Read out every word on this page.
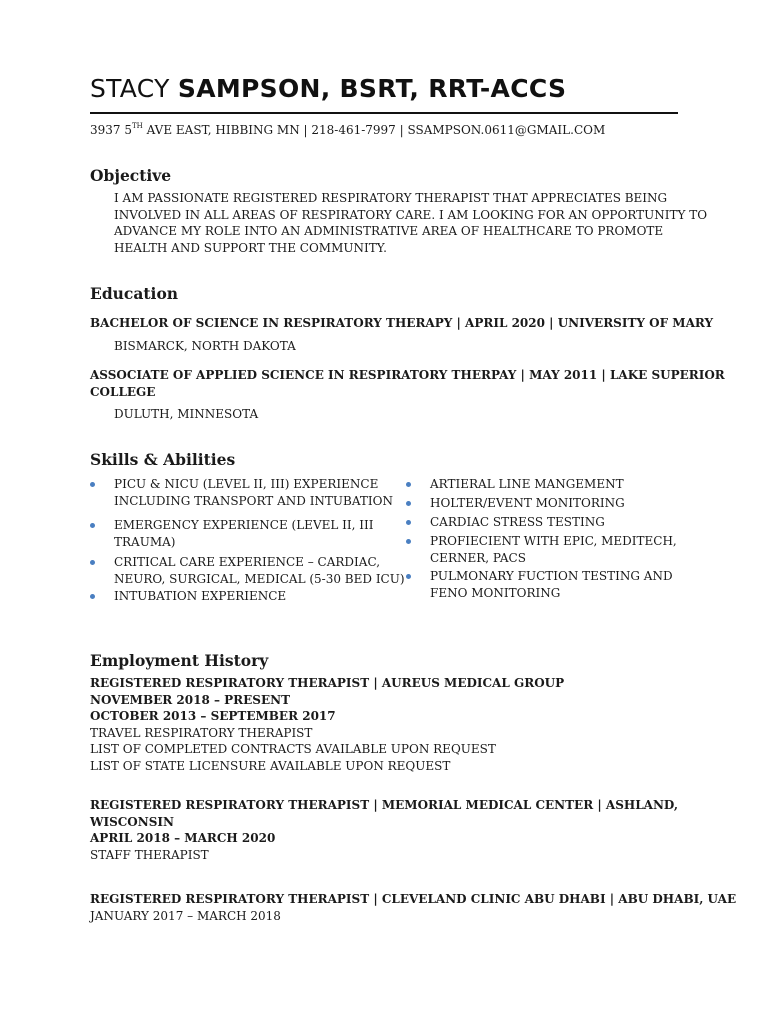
STACY SAMPSON, BSRT, RRT-ACCS
3937 5TH AVE EAST, HIBBING MN | 218-461-7997 | SSAMPSON.0611@GMAIL.COM
Objective
I AM PASSIONATE REGISTERED RESPIRATORY THERAPIST THAT APPRECIATES BEING
INVOLVED IN ALL AREAS OF RESPIRATORY CARE. I AM LOOKING FOR AN OPPORTUNITY TO
ADVANCE MY ROLE INTO AN ADMINISTRATIVE AREA OF HEALTHCARE TO PROMOTE
HEALTH AND SUPPORT THE COMMUNITY.
Education
BACHELOR OF SCIENCE IN RESPIRATORY THERAPY | APRIL 2020 | UNIVERSITY OF MARY
BISMARCK, NORTH DAKOTA
ASSOCIATE OF APPLIED SCIENCE IN RESPIRATORY THERPAY | MAY 2011 | LAKE SUPERIOR
COLLEGE
DULUTH, MINNESOTA
Skills & Abilities
PICU & NICU (LEVEL II, III) EXPERIENCE
INCLUDING TRANSPORT AND INTUBATION
EMERGENCY EXPERIENCE (LEVEL II, III
TRAUMA)
CRITICAL CARE EXPERIENCE – CARDIAC,
NEURO, SURGICAL, MEDICAL (5-30 BED ICU)
INTUBATION EXPERIENCE
ARTIERAL LINE MANGEMENT
HOLTER/EVENT MONITORING
CARDIAC STRESS TESTING
PROFIECIENT WITH EPIC, MEDITECH,
CERNER, PACS
PULMONARY FUCTION TESTING AND
FENO MONITORING
Employment History
REGISTERED RESPIRATORY THERAPIST | AUREUS MEDICAL GROUP
NOVEMBER 2018 – PRESENT
OCTOBER 2013 – SEPTEMBER 2017
TRAVEL RESPIRATORY THERAPIST
LIST OF COMPLETED CONTRACTS AVAILABLE UPON REQUEST
LIST OF STATE LICENSURE AVAILABLE UPON REQUEST
REGISTERED RESPIRATORY THERAPIST | MEMORIAL MEDICAL CENTER | ASHLAND,
WISCONSIN
APRIL 2018 – MARCH 2020
STAFF THERAPIST
REGISTERED RESPIRATORY THERAPIST | CLEVELAND CLINIC ABU DHABI | ABU DHABI, UAE
JANUARY 2017 – MARCH 2018
